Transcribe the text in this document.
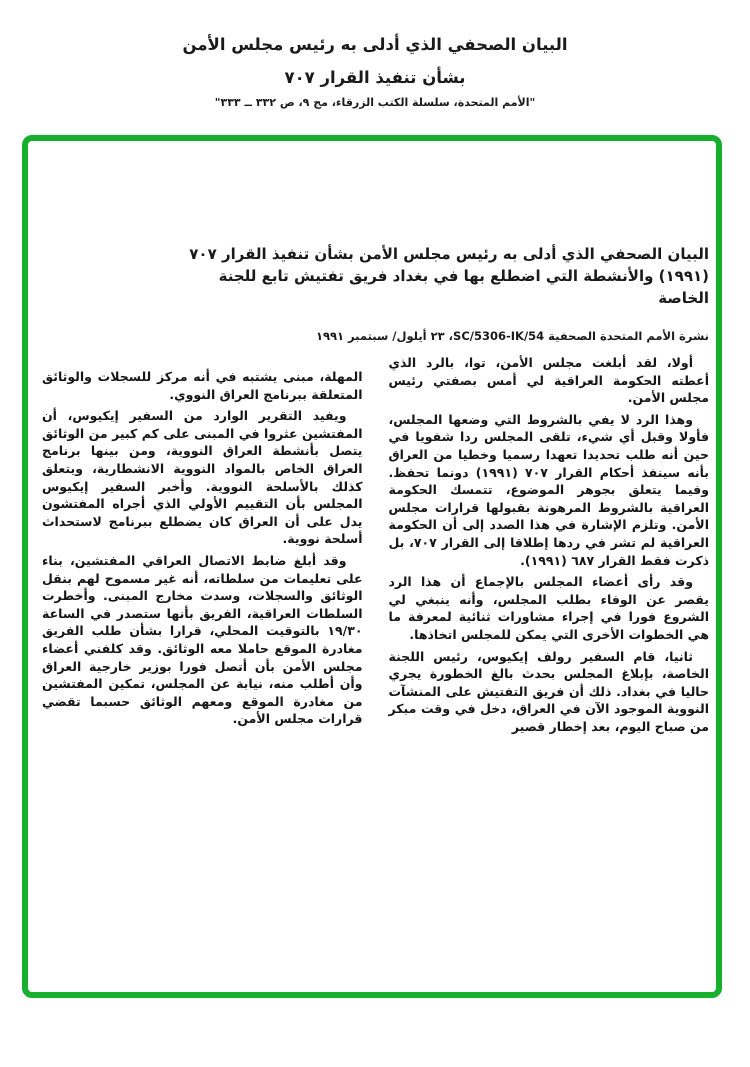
البيان الصحفي الذي أدلى به رئيس مجلس الأمن
بشأن تنفيذ القرار ٧٠٧
"الأمم المتحدة، سلسلة الكتب الزرقاء، مج ٩، ص ٣٣٢ ــ ٣٣٣"
البيان الصحفي الذي أدلى به رئيس مجلس الأمن بشأن تنفيذ القرار ٧٠٧
(١٩٩١) والأنشطة التي اضطلع بها في بغداد فريق تفتيش تابع للجنة
الخاصة
نشرة الأمم المتحدة الصحفية SC/5306-IK/54، ٢٣ أيلول/ سبتمبر ١٩٩١

أولا، لقد أبلغت مجلس الأمن، توا، بالرد الذي أعطته الحكومة العراقية لي أمس بصفتي رئيس مجلس الأمن.

وهذا الرد لا يفي بالشروط التي وضعها المجلس، فأولا وقبل أي شيء، تلقى المجلس ردا شفويا في حين أنه طلب تحديدا تعهدا رسميا وخطيا من العراق بأنه سينفذ أحكام القرار ٧٠٧ (١٩٩١) دونما تحفظ. وفيما يتعلق بجوهر الموضوع، تتمسك الحكومة العراقية بالشروط المرهونة بقبولها قرارات مجلس الأمن. وتلزم الإشارة في هذا الصدد إلى أن الحكومة العراقية لم تشر في ردها إطلاقا إلى القرار ٧٠٧، بل ذكرت فقط القرار ٦٨٧ (١٩٩١).

وقد رأى أعضاء المجلس بالإجماع أن هذا الرد يقصر عن الوفاء بطلب المجلس، وأنه ينبغي لي الشروع فورا في إجراء مشاورات ثنائية لمعرفة ما هي الخطوات الأخرى التي يمكن للمجلس اتخاذها.

ثانيا، قام السفير رولف إيكيوس، رئيس اللجنة الخاصة، بإبلاغ المجلس بحدث بالغ الخطورة يجري حاليا في بغداد. ذلك أن فريق التفتيش على المنشآت النووية الموجود الآن في العراق، دخل في وقت مبكر من صباح اليوم، بعد إخطار قصير

المهلة، مبنى يشتبه في أنه مركز للسجلات والوثائق المتعلقة ببرنامج العراق النووي.

ويفيد التقرير الوارد من السفير إيكيوس، أن المفتشين عثروا في المبنى على كم كبير من الوثائق يتصل بأنشطة العراق النووية، ومن بينها برنامج العراق الخاص بالمواد النووية الانشطارية، ويتعلق كذلك بالأسلحة النووية. وأخبر السفير إيكيوس المجلس بأن التقييم الأولي الذي أجراه المفتشون يدل على أن العراق كان يضطلع ببرنامج لاستحداث أسلحة نووية.

وقد أبلغ ضابط الاتصال العراقي المفتشين، بناء على تعليمات من سلطاته، أنه غير مسموح لهم بنقل الوثائق والسجلات، وسدت مخارج المبنى. وأخطرت السلطات العراقية، الفريق بأنها ستصدر في الساعة ١٩/٣٠ بالتوقيت المحلي، قرارا بشأن طلب الفريق مغادرة الموقع حاملا معه الوثائق. وقد كلفني أعضاء مجلس الأمن بأن أتصل فورا بوزير خارجية العراق وأن أطلب منه، نيابة عن المجلس، تمكين المفتشين من مغادرة الموقع ومعهم الوثائق حسبما تقضي قرارات مجلس الأمن.
